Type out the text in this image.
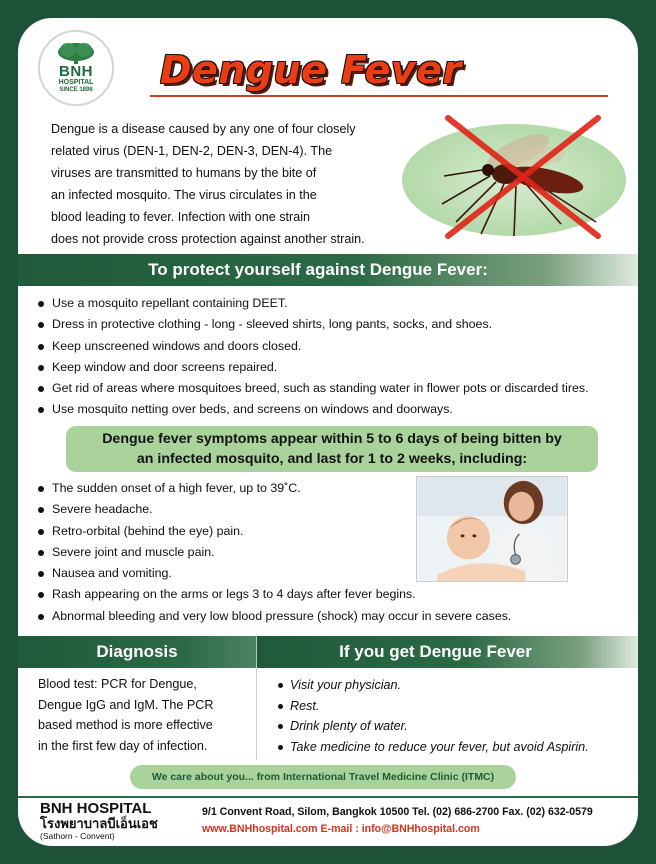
BNH
HOSPITAL
SINCE 1898 Dengue Fever
Dengue is a disease caused by any one of four closely
related virus (DEN-1, DEN-2, DEN-3, DEN-4). The
viruses are transmitted to humans by the bite of
an infected mosquito. The virus circulates in the
blood leading to fever. Infection with one strain
does not provide cross protection against another strain.
To protect yourself against Dengue Fever:
Use a mosquito repellant containing DEET.
Dress in protective clothing - long - sleeved shirts, long pants, socks, and shoes.
Keep unscreened windows and doors closed.
Keep window and door screens repaired.
Get rid of areas where mosquitoes breed, such as standing water in flower pots or discarded tires.
Use mosquito netting over beds, and screens on windows and doorways.
Dengue fever symptoms appear within 5 to 6 days of being bitten by
an infected mosquito, and last for 1 to 2 weeks, including:
The sudden onset of a high fever, up to 39˚C.
Severe headache.
Retro-orbital (behind the eye) pain.
Severe joint and muscle pain.
Nausea and vomiting.
Rash appearing on the arms or legs 3 to 4 days after fever begins.
Abnormal bleeding and very low blood pressure (shock) may occur in severe cases.
Diagnosis	If you get Dengue Fever
Blood test: PCR for Dengue,
Dengue IgG and IgM. The PCR
based method is more effective
in the first few day of infection.
Visit your physician.
Rest.
Drink plenty of water.
Take medicine to reduce your fever, but avoid Aspirin.
We care about you... from International Travel Medicine Clinic (ITMC)
BNH HOSPITAL
โรงพยาบาลบีเอ็นเอช
(Sathorn - Convent)
9/1 Convent Road, Silom, Bangkok 10500 Tel. (02) 686-2700 Fax. (02) 632-0579
www.BNHhospital.com E-mail : info@BNHhospital.com
